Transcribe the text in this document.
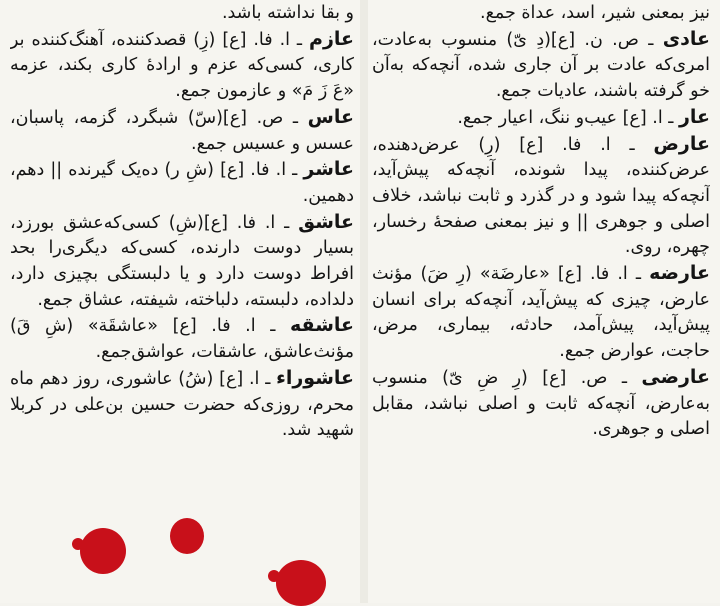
نیز بمعنی شیر، اسد، عداة جمع.
عادی ـ ص. ن. [ع](دِ یّ) منسوب به‌عادت، امری‌که عادت بر آن جاری شده، آنچه‌که به‌آن خو گرفته باشند، عادیات جمع.
عار ـ ا. [ع] عیب‌و ننگ، اعیار جمع.
عارض ـ ا. فا. [ع] (رِ) عرض‌دهنده، عرض‌کننده، پیدا شونده، آنچه‌که پیش‌آید، آنچه‌که پیدا شود‌ و در گذرد و ثابت نباشد، خلاف‌ اصلی‌ و جوهری || و نیز بمعنی صفحهٔ‌ رخسار، چهره، روی.
عارضه ـ ا. فا. [ع] «عارضَة» (رِ ضَ) مؤنث عارض، چیزی که پیش‌آید، آنچه‌که برای انسان پیش‌آید، پیش‌آمد، حادثه، بیماری، مرض، حاجت، عوارض جمع.
عارضی ـ ص. [ع] (رِ ضِ یّ) منسوب به‌عارض، آنچه‌که ثابت‌ و اصلی نباشد، مقابل اصلی و جوهری.
و بقا نداشته باشد.
عازم ـ ا. فا. [ع] (زِ) قصد‌کننده، آهنگ‌کننده بر کاری، کسی‌که عزم و ارادهٔ کاری بکند، عزمه «عَ زَ مَ» و عازمون جمع.
عاس ـ ص. [ع](سّ) شبگرد، گزمه، پاسبان، عسس و عسیس جمع.
عاشر ـ ا. فا. [ع] (شِ ر) ده‌یک گیرنده || دهم، دهمین.
عاشق ـ ا. فا. [ع](شِ) کسی‌که‌عشق بورزد، بسیار دوست دارنده، کسی‌که دیگری‌را بحد افراط دوست دارد و یا دلبستگی بچیزی دارد، دلداده، دلبسته، دلباخته، شیفته، عشاق جمع.
عاشقه ـ ا. فا. [ع] «عاشقَة» (شِ قَ) مؤنث‌عاشق، عاشقات، عواشق‌جمع.
عاشوراء ـ ا. [ع] (شُ) عاشوری، روز دهم ماه محرم، روزی‌که حضرت حسین‌ بن‌علی در کربلا شهید شد.
